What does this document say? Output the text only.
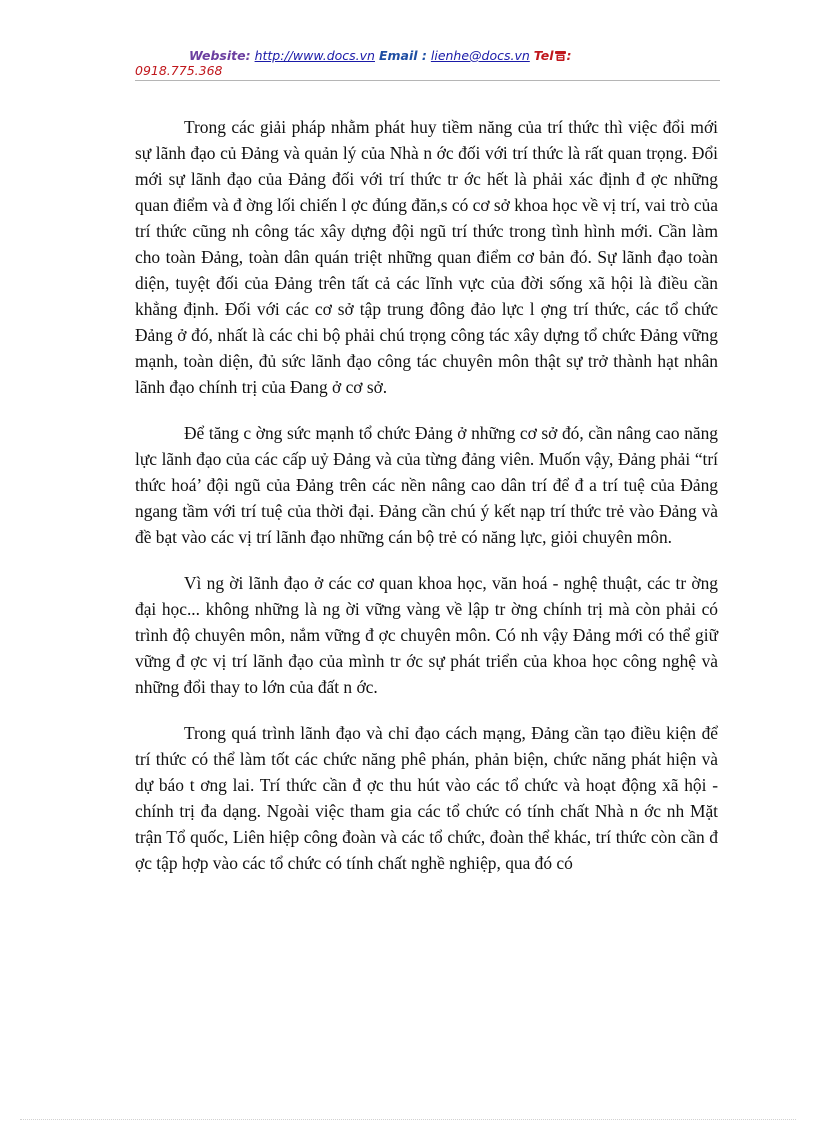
Website: http://www.docs.vn Email : lienhe@docs.vn Tel :
0918.775.368

Trong các giải pháp nhằm phát huy tiềm năng của trí thức thì việc đổi mới sự lãnh đạo củ Đảng và quản lý của Nhà n ớc đối với trí thức là rất quan trọng. Đổi mới sự lãnh đạo của Đảng đối với trí thức tr ớc hết là phải xác định đ ợc những quan điểm và đ ờng lối chiến l ợc đúng đăn,s có cơ sở khoa học về vị trí, vai trò của trí thức cũng nh công tác xây dựng đội ngũ trí thức trong tình hình mới. Cần làm cho toàn Đảng, toàn dân quán triệt những quan điểm cơ bản đó. Sự lãnh đạo toàn diện, tuyệt đối của Đảng trên tất cả các lĩnh vực của đời sống xã hội là điều cần khẳng định. Đối với các cơ sở tập trung đông đảo lực l ợng trí thức, các tổ chức Đảng ở đó, nhất là các chi bộ phải chú trọng công tác xây dựng tổ chức Đảng vững mạnh, toàn diện, đủ sức lãnh đạo công tác chuyên môn thật sự trở thành hạt nhân lãnh đạo chính trị của Đang ở cơ sở.

Để tăng c ờng sức mạnh tổ chức Đảng ở những cơ sở đó, cần nâng cao năng lực lãnh đạo của các cấp uỷ Đảng và của từng đảng viên. Muốn vậy, Đảng phải “trí thức hoá’ đội ngũ của Đảng trên các nền nâng cao dân trí để đ a trí tuệ của Đảng ngang tầm với trí tuệ của thời đại. Đảng cần chú ý kết nạp trí thức trẻ vào Đảng và đề bạt vào các vị trí lãnh đạo những cán bộ trẻ có năng lực, giỏi chuyên môn.

Vì ng ời lãnh đạo ở các cơ quan khoa học, văn hoá - nghệ thuật, các tr ờng đại học... không những là ng ời vững vàng về lập tr ờng chính trị mà còn phải có trình độ chuyên môn, nắm vững đ ợc chuyên môn. Có nh vậy Đảng mới có thể giữ vững đ ợc vị trí lãnh đạo của mình tr ớc sự phát triển của khoa học công nghệ và những đổi thay to lớn của đất n ớc.

Trong quá trình lãnh đạo và chỉ đạo cách mạng, Đảng cần tạo điều kiện để trí thức có thể làm tốt các chức năng phê phán, phản biện, chức năng phát hiện và dự báo t ơng lai. Trí thức cần đ ợc thu hút vào các tổ chức và hoạt động xã hội - chính trị đa dạng. Ngoài việc tham gia các tổ chức có tính chất Nhà n ớc nh Mặt trận Tổ quốc, Liên hiệp công đoàn và các tổ chức, đoàn thể khác, trí thức còn cần đ ợc tập hợp vào các tổ chức có tính chất nghề nghiệp, qua đó có
